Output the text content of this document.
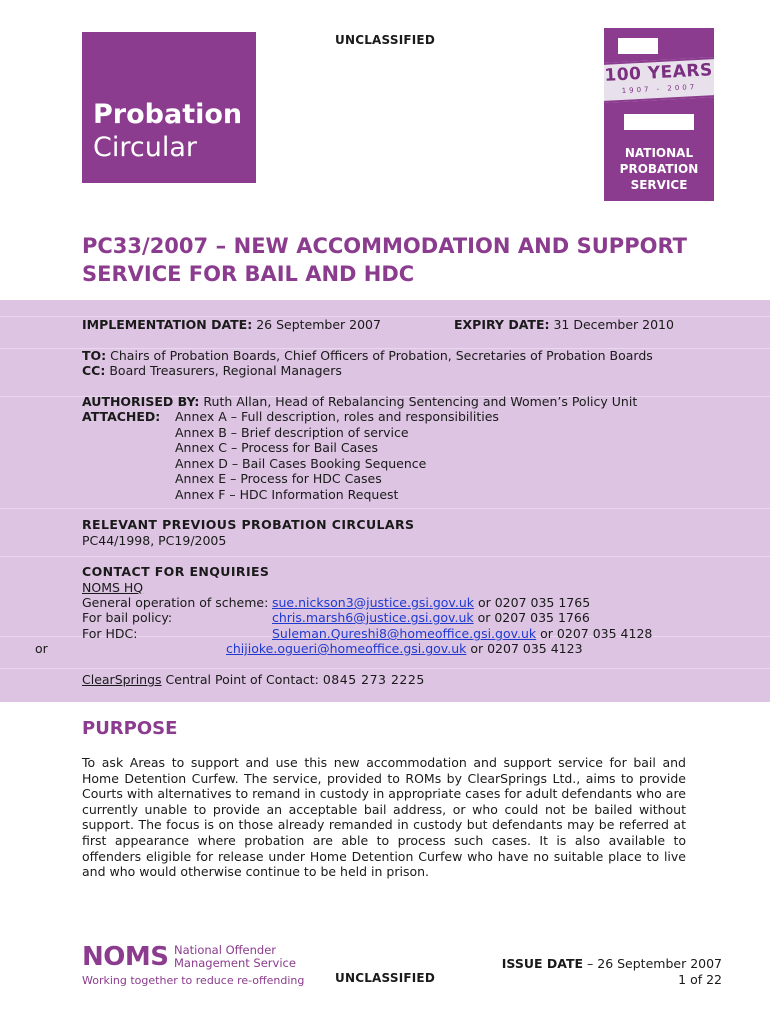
UNCLASSIFIED
Probation
Circular
100 YEARS
1907 - 2007
NATIONAL
PROBATION
SERVICE
PC33/2007 – NEW ACCOMMODATION AND SUPPORT SERVICE FOR BAIL AND HDC
IMPLEMENTATION DATE: 26 September 2007	EXPIRY DATE: 31 December 2010
TO: Chairs of Probation Boards, Chief Officers of Probation, Secretaries of Probation Boards
CC: Board Treasurers, Regional Managers
AUTHORISED BY: Ruth Allan, Head of Rebalancing Sentencing and Women’s Policy Unit
ATTACHED: Annex A – Full description, roles and responsibilities
Annex B – Brief description of service
Annex C – Process for Bail Cases
Annex D – Bail Cases Booking Sequence
Annex E – Process for HDC Cases
Annex F – HDC Information Request
RELEVANT PREVIOUS PROBATION CIRCULARS
PC44/1998, PC19/2005
CONTACT FOR ENQUIRIES
NOMS HQ
General operation of scheme: sue.nickson3@justice.gsi.gov.uk or 0207 035 1765
For bail policy:	chris.marsh6@justice.gsi.gov.uk or 0207 035 1766
For HDC:	Suleman.Qureshi8@homeoffice.gsi.gov.uk or 0207 035 4128
or	chijioke.ogueri@homeoffice.gsi.gov.uk or 0207 035 4123
ClearSprings Central Point of Contact: 0845 273 2225
PURPOSE
To ask Areas to support and use this new accommodation and support service for bail and Home Detention Curfew. The service, provided to ROMs by ClearSprings Ltd., aims to provide Courts with alternatives to remand in custody in appropriate cases for adult defendants who are currently unable to provide an acceptable bail address, or who could not be bailed without support. The focus is on those already remanded in custody but defendants may be referred at first appearance where probation are able to process such cases. It is also available to offenders eligible for release under Home Detention Curfew who have no suitable place to live and who would otherwise continue to be held in prison.
NOMS National Offender
Management Service
Working together to reduce re-offending	UNCLASSIFIED
ISSUE DATE – 26 September 2007
1 of 22
